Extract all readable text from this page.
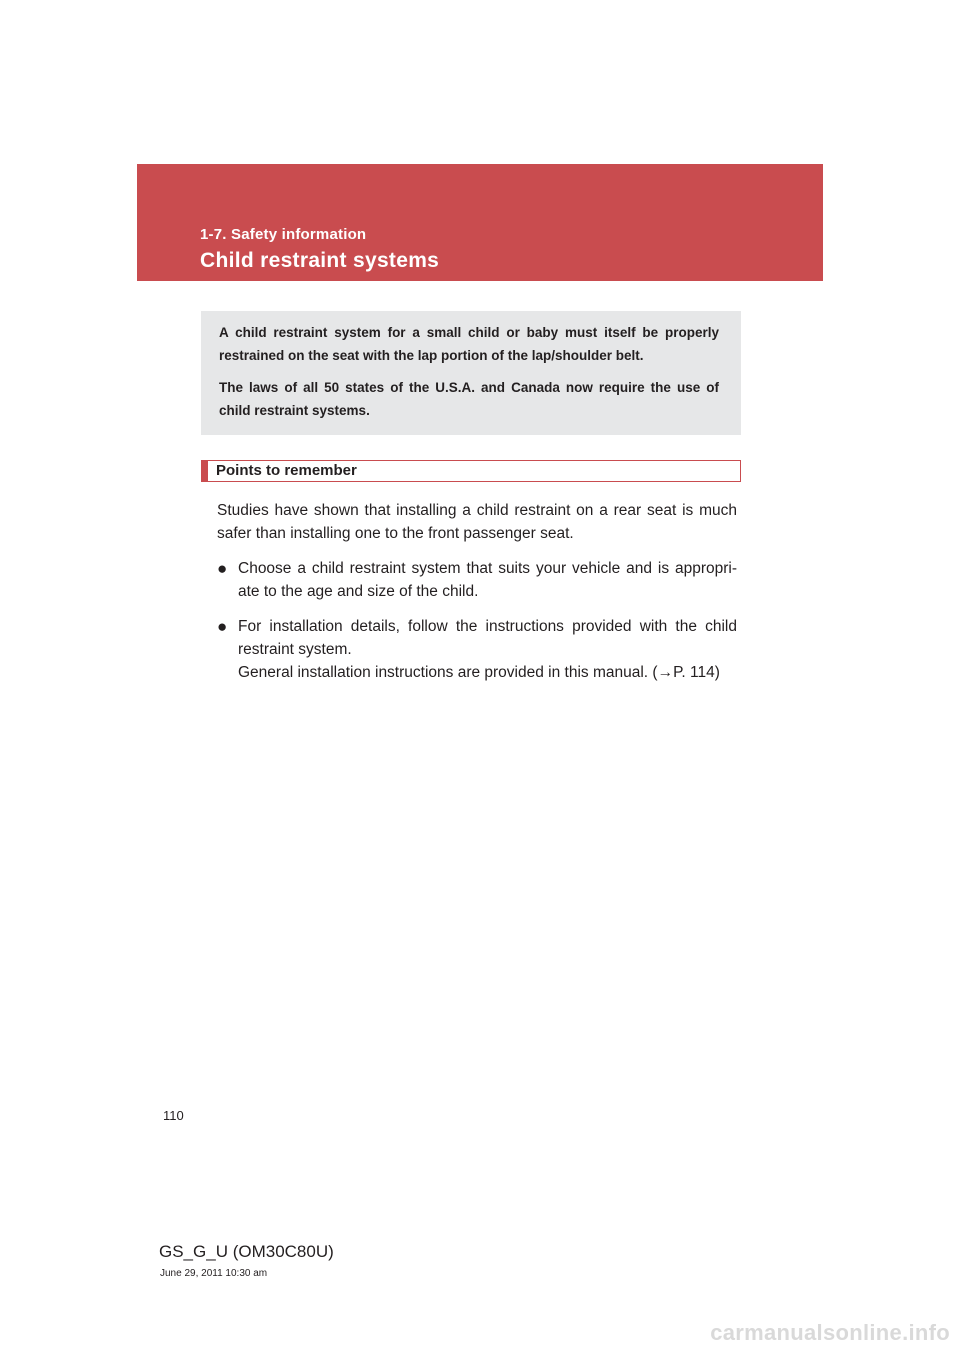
1-7. Safety information
Child restraint systems

A child restraint system for a small child or baby must itself be properly restrained on the seat with the lap portion of the lap/shoulder belt.

The laws of all 50 states of the U.S.A. and Canada now require the use of child restraint systems.

Points to remember

Studies have shown that installing a child restraint on a rear seat is much safer than installing one to the front passenger seat.

● Choose a child restraint system that suits your vehicle and is appropri-ate to the age and size of the child.
● For installation details, follow the instructions provided with the child restraint system.
General installation instructions are provided in this manual. (→P. 114)
110
GS_G_U (OM30C80U)
June 29, 2011 10:30 am
carmanualsonline.info
